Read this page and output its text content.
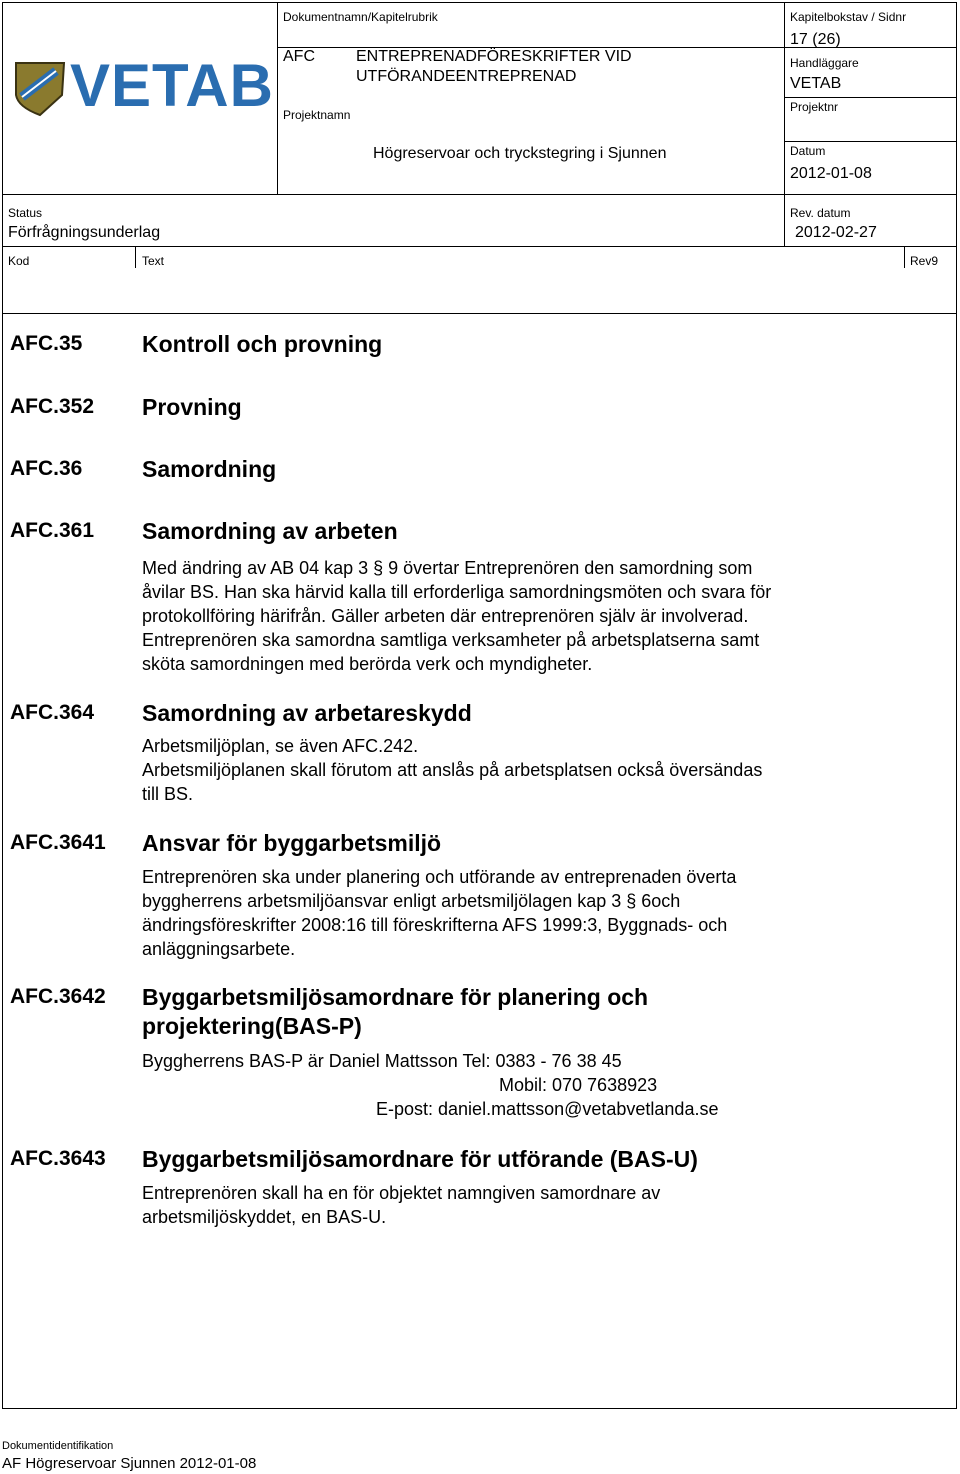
VETAB
Dokumentnamn/Kapitelrubrik
AFC	ENTREPRENADFÖRESKRIFTER VID
UTFÖRANDEENTREPRENAD
Projektnamn
Högreservoar och tryckstegring i Sjunnen
Kapitelbokstav / Sidnr
17 (26)
Handläggare
VETAB
Projektnr
Datum
2012-01-08
Status
Förfrågningsunderlag
Rev. datum
2012-02-27
Kod	Text	Rev9
AFC.35	Kontroll och provning
AFC.352 Provning
AFC.36	Samordning
AFC.361 Samordning av arbeten

Med ändring av AB 04 kap 3 § 9 övertar Entreprenören den samordning som

åvilar BS. Han ska härvid kalla till erforderliga samordningsmöten och svara för

protokollföring härifrån. Gäller arbeten där entreprenören själv är involverad.

Entreprenören ska samordna samtliga verksamheter på arbetsplatserna samt

sköta samordningen med berörda verk och myndigheter.

AFC.364 Samordning av arbetareskydd

Arbetsmiljöplan, se även AFC.242.

Arbetsmiljöplanen skall förutom att anslås på arbetsplatsen också översändas

till BS.

AFC.3641 Ansvar för byggarbetsmiljö

Entreprenören ska under planering och utförande av entreprenaden överta

byggherrens arbetsmiljöansvar enligt arbetsmiljölagen kap 3 § 6och

ändringsföreskrifter 2008:16 till föreskrifterna AFS 1999:3, Byggnads- och

anläggningsarbete.

AFC.3642 Byggarbetsmiljösamordnare för planering och
projektering(BAS-P)
Byggherrens BAS-P är Daniel Mattsson Tel: 0383 - 76 38 45
Mobil: 070 7638923
E-post: daniel.mattsson@vetabvetlanda.se
AFC.3643 Byggarbetsmiljösamordnare för utförande (BAS-U)

Entreprenören skall ha en för objektet namngiven samordnare av

arbetsmiljöskyddet, en BAS-U.

Dokumentidentifikation
AF Högreservoar Sjunnen 2012-01-08
